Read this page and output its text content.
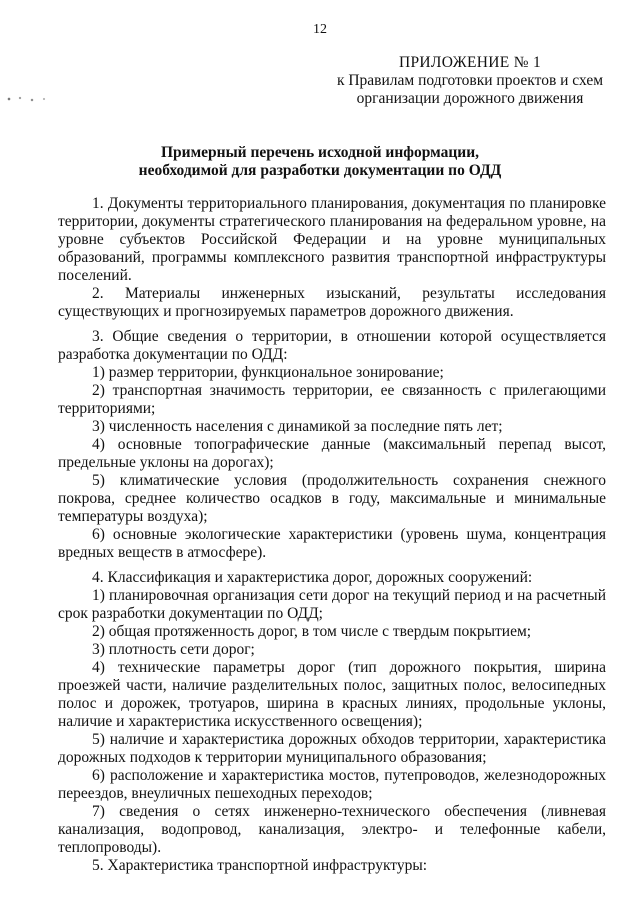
12
ПРИЛОЖЕНИЕ № 1
к Правилам подготовки проектов и схем
организации дорожного движения
Примерный перечень исходной информации,
необходимой для разработки документации по ОДД

1. Документы территориального планирования, документация по планировке территории, документы стратегического планирования на федеральном уровне, на уровне субъектов Российской Федерации и на уровне муниципальных образований, программы комплексного развития транспортной инфраструктуры поселений.

2. Материалы инженерных изысканий, результаты исследования существующих и прогнозируемых параметров дорожного движения.

3. Общие сведения о территории, в отношении которой осуществляется разработка документации по ОДД:

1) размер территории, функциональное зонирование;

2) транспортная значимость территории, ее связанность с прилегающими территориями;

3) численность населения с динамикой за последние пять лет;

4) основные топографические данные (максимальный перепад высот, предельные уклоны на дорогах);

5) климатические условия (продолжительность сохранения снежного покрова, среднее количество осадков в году, максимальные и минимальные температуры воздуха);

6) основные экологические характеристики (уровень шума, концентрация вредных веществ в атмосфере).

4. Классификация и характеристика дорог, дорожных сооружений:

1) планировочная организация сети дорог на текущий период и на расчетный срок разработки документации по ОДД;

2) общая протяженность дорог, в том числе с твердым покрытием;

3) плотность сети дорог;

4) технические параметры дорог (тип дорожного покрытия, ширина проезжей части, наличие разделительных полос, защитных полос, велосипедных полос и дорожек, тротуаров, ширина в красных линиях, продольные уклоны, наличие и характеристика искусственного освещения);

5) наличие и характеристика дорожных обходов территории, характеристика дорожных подходов к территории муниципального образования;

6) расположение и характеристика мостов, путепроводов, железнодорожных переездов, внеуличных пешеходных переходов;

7) сведения о сетях инженерно-технического обеспечения (ливневая канализация, водопровод, канализация, электро- и телефонные кабели, теплопроводы).

5. Характеристика транспортной инфраструктуры:
